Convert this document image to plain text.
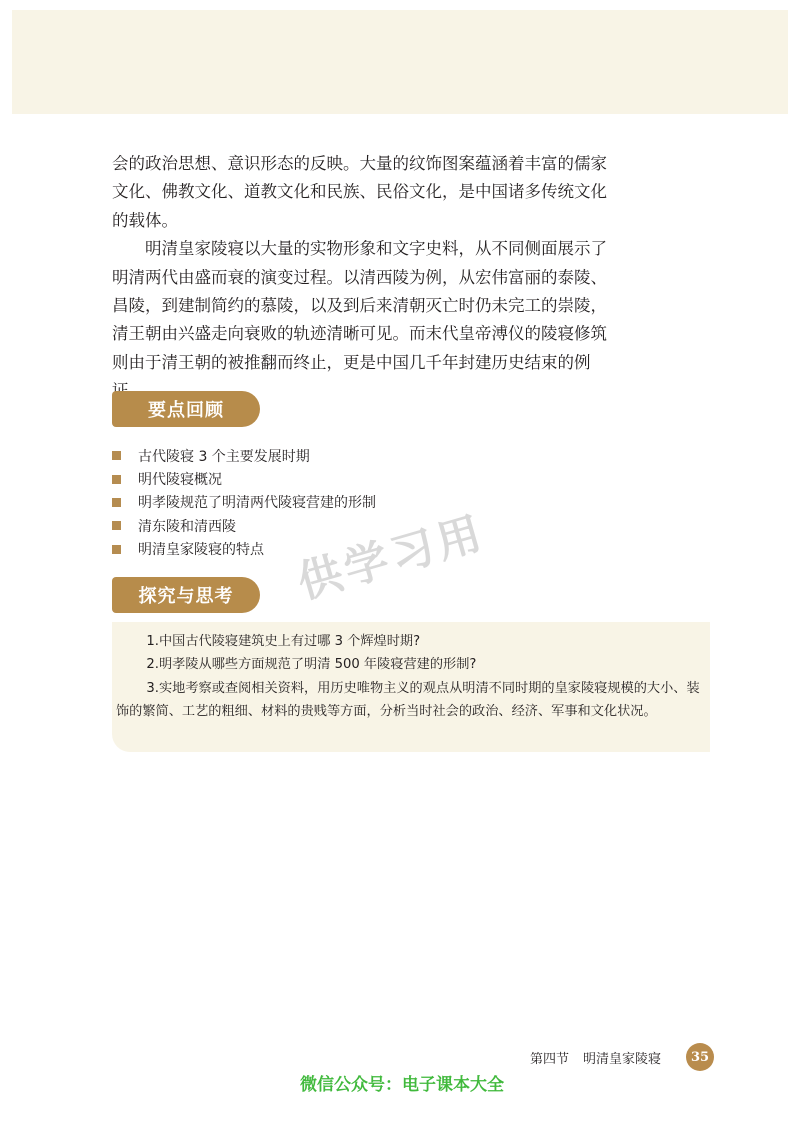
会的政治思想、意识形态的反映。大量的纹饰图案蕴涵着丰富的儒家文化、佛教文化、道教文化和民族、民俗文化，是中国诸多传统文化的载体。

明清皇家陵寝以大量的实物形象和文字史料，从不同侧面展示了明清两代由盛而衰的演变过程。以清西陵为例，从宏伟富丽的泰陵、昌陵，到建制简约的慕陵，以及到后来清朝灭亡时仍未完工的崇陵，清王朝由兴盛走向衰败的轨迹清晰可见。而末代皇帝溥仪的陵寝修筑则由于清王朝的被推翻而终止，更是中国几千年封建历史结束的例

要点回顾
古代陵寝 3 个主要发展时期
明代陵寝概况
明孝陵规范了明清两代陵寝营建的形制
清东陵和清西陵
明清皇家陵寝的特点 供学习用
探究与思考

1.中国古代陵寝建筑史上有过哪 3 个辉煌时期?

2.明孝陵从哪些方面规范了明清 500 年陵寝营建的形制?

3.实地考察或查阅相关资料，用历史唯物主义的观点从明清不同时期的皇家陵寝规模的大小、装饰的繁简、工艺的粗细、材料的贵贱等方面，分析当时社会的政治、经济、军事和文化状况。

第四节 明清皇家陵寝	35
微信公众号：电子课本大全
